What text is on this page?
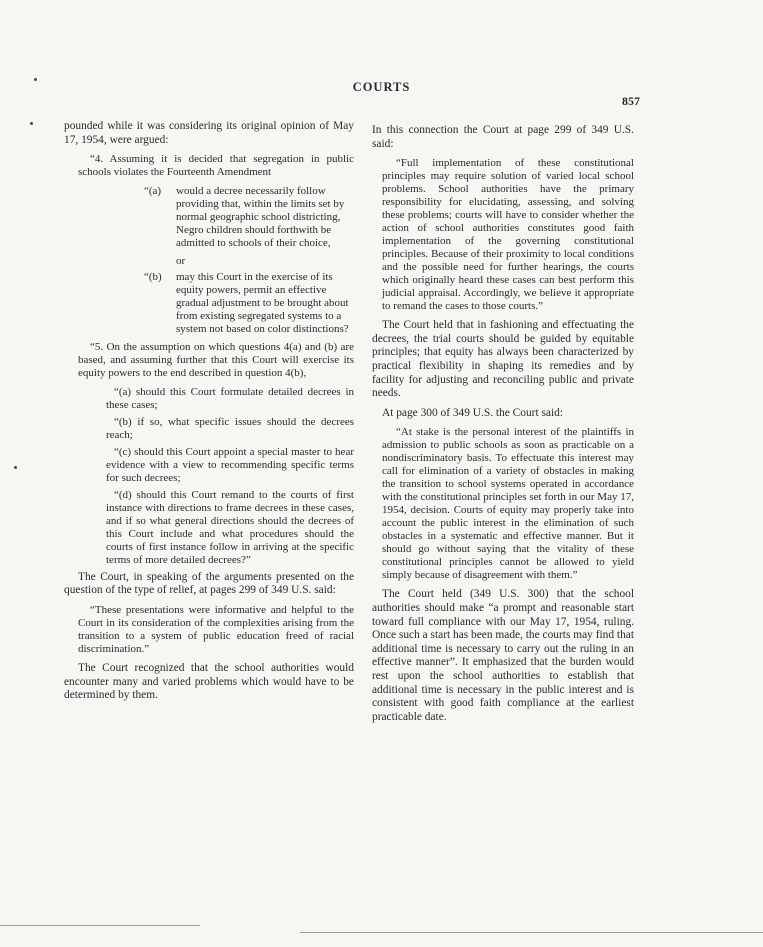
COURTS
857

pounded while it was considering its original opinion of May 17, 1954, were argued:

“4. Assuming it is decided that segregation in public schools violates the Fourteenth Amendment

“(a) would a decree necessarily follow providing that, within the limits set by normal geographic school districting, Negro children should forthwith be admitted to schools of their choice,

or

“(b) may this Court in the exercise of its equity powers, permit an effective gradual adjustment to be brought about from existing segregated systems to a system not based on color distinctions?

“5. On the assumption on which questions 4(a) and (b) are based, and assuming further that this Court will exercise its equity powers to the end described in question 4(b),

“(a) should this Court formulate detailed decrees in these cases;

“(b) if so, what specific issues should the decrees reach;

“(c) should this Court appoint a special master to hear evidence with a view to recommending specific terms for such decrees;

“(d) should this Court remand to the courts of first instance with directions to frame decrees in these cases, and if so what general directions should the decrees of this Court include and what procedures should the courts of first instance follow in arriving at the specific terms of more detailed decrees?”

The Court, in speaking of the arguments presented on the question of the type of relief, at pages 299 of 349 U.S. said:

“These presentations were informative and helpful to the Court in its consideration of the complexities arising from the transition to a system of public education freed of racial discrimination.”

The Court recognized that the school authorities would encounter many and varied problems which would have to be determined by them.

In this connection the Court at page 299 of 349 U.S. said:

“Full implementation of these constitutional principles may require solution of varied local school problems. School authorities have the primary responsibility for elucidating, assessing, and solving these problems; courts will have to consider whether the action of school authorities constitutes good faith implementation of the governing constitutional principles. Because of their proximity to local conditions and the possible need for further hearings, the courts which originally heard these cases can best perform this judicial appraisal. Accordingly, we believe it appropriate to remand the cases to those courts.”

The Court held that in fashioning and effectuating the decrees, the trial courts should be guided by equitable principles; that equity has always been characterized by practical flexibility in shaping its remedies and by facility for adjusting and reconciling public and private needs.

At page 300 of 349 U.S. the Court said:

“At stake is the personal interest of the plaintiffs in admission to public schools as soon as practicable on a nondiscriminatory basis. To effectuate this interest may call for elimination of a variety of obstacles in making the transition to school systems operated in accordance with the constitutional principles set forth in our May 17, 1954, decision. Courts of equity may properly take into account the public interest in the elimination of such obstacles in a systematic and effective manner. But it should go without saying that the vitality of these constitutional principles cannot be allowed to yield simply because of disagreement with them.”

The Court held (349 U.S. 300) that the school authorities should make “a prompt and reasonable start toward full compliance with our May 17, 1954, ruling. Once such a start has been made, the courts may find that additional time is necessary to carry out the ruling in an effective manner”. It emphasized that the burden would rest upon the school authorities to establish that additional time is necessary in the public interest and is consistent with good faith compliance at the earliest practicable date.
